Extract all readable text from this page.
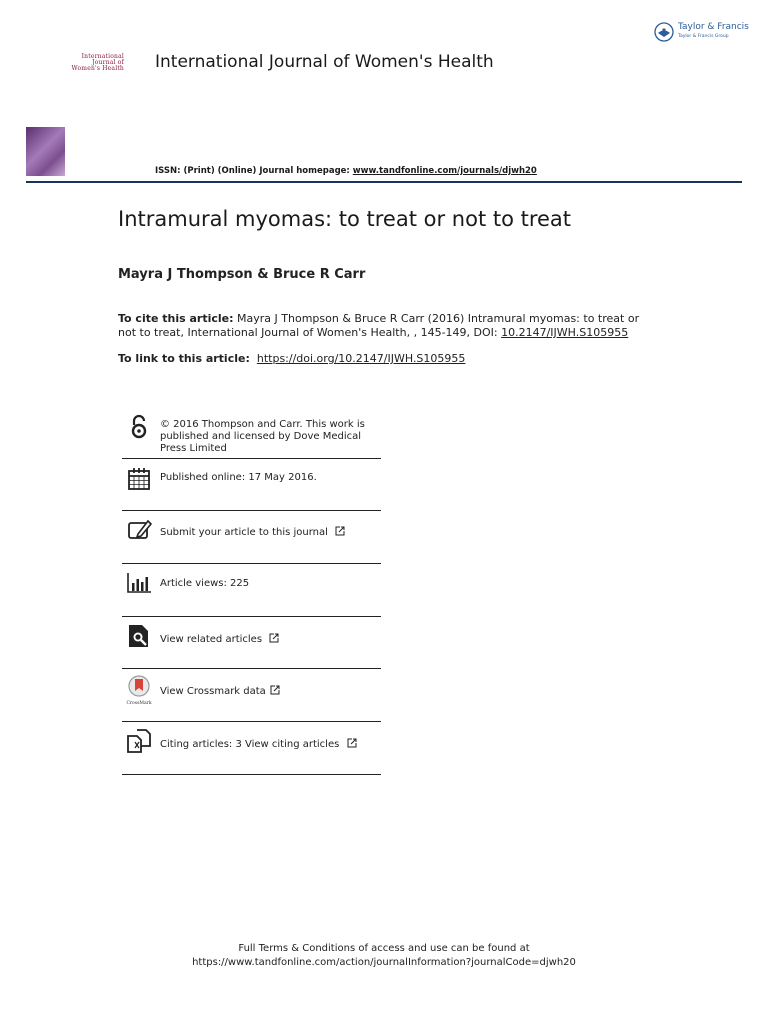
International
Journal of
Women's Health International Journal of Women's Health
Taylor & Francis
Taylor & Francis Group
ISSN: (Print) (Online) Journal homepage: www.tandfonline.com/journals/djwh20
Intramural myomas: to treat or not to treat
Mayra J Thompson & Bruce R Carr
To cite this article: Mayra J Thompson & Bruce R Carr (2016) Intramural myomas: to treat or not to treat, International Journal of Women's Health, , 145-149, DOI: 10.2147/IJWH.S105955
To link to this article: https://doi.org/10.2147/IJWH.S105955
© 2016 Thompson and Carr. This work is published and licensed by Dove Medical Press Limited
Published online: 17 May 2016.
Submit your article to this journal
Article views: 225
View related articles
CrossMark
View Crossmark data
Citing articles: 3 View citing articles
Full Terms & Conditions of access and use can be found at
https://www.tandfonline.com/action/journalInformation?journalCode=djwh20
